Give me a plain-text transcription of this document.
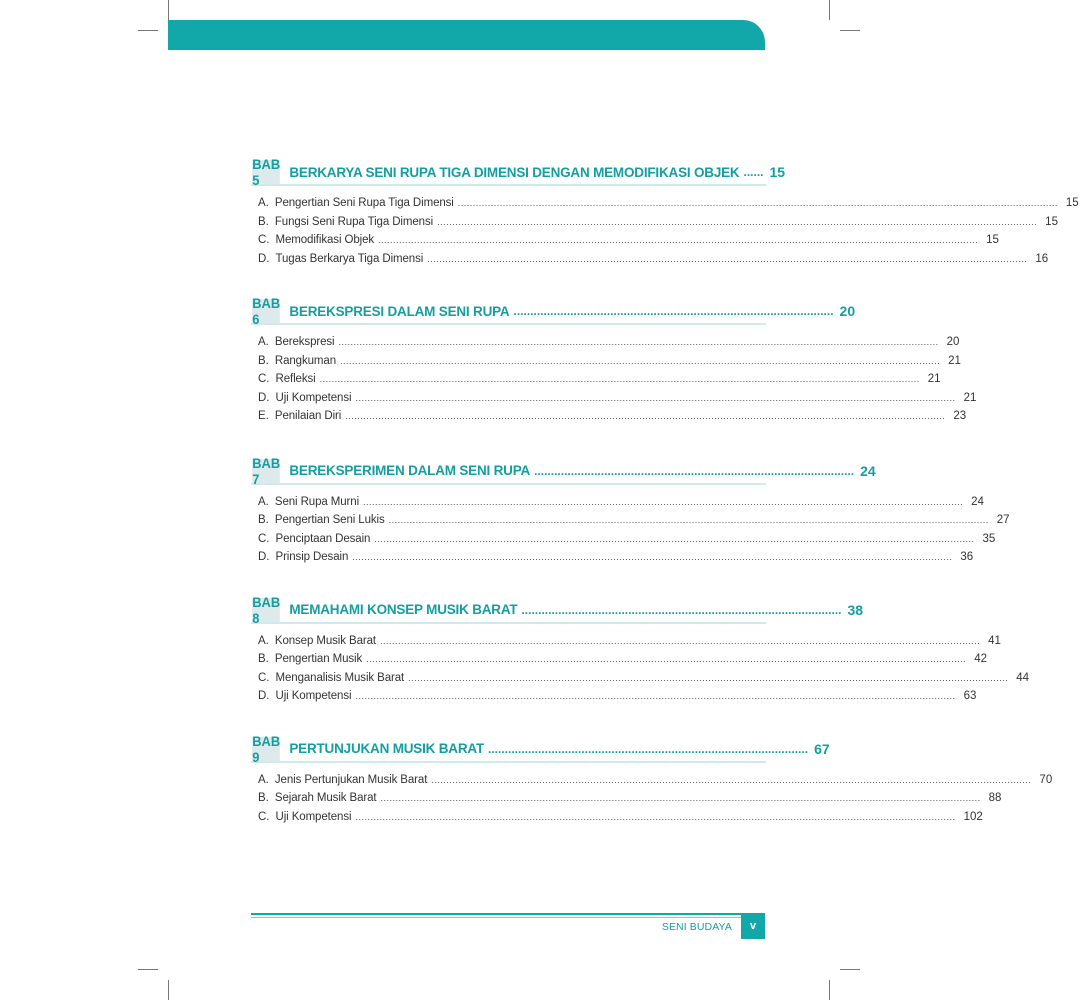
BAB 5	BERKARYA SENI RUPA TIGA DIMENSI DENGAN MEMODIFIKASI OBJEK ...... 15
A. Pengertian Seni Rupa Tiga Dimensi ........................................................................................................................................................................................................ 15
B. Fungsi Seni Rupa Tiga Dimensi ........................................................................................................................................................................................................ 15
C. Memodifikasi Objek ........................................................................................................................................................................................................ 15
D. Tugas Berkarya Tiga Dimensi ........................................................................................................................................................................................................ 16
BAB 6	BEREKSPRESI DALAM SENI RUPA ................................................................................................ 20
A. Berekspresi ........................................................................................................................................................................................................ 20
B. Rangkuman ........................................................................................................................................................................................................ 21
C. Refleksi ........................................................................................................................................................................................................ 21
D. Uji Kompetensi ........................................................................................................................................................................................................ 21
E. Penilaian Diri ........................................................................................................................................................................................................ 23
BAB 7	BEREKSPERIMEN DALAM SENI RUPA ................................................................................................ 24
A. Seni Rupa Murni ........................................................................................................................................................................................................ 24
B. Pengertian Seni Lukis ........................................................................................................................................................................................................ 27
C. Penciptaan Desain ........................................................................................................................................................................................................ 35
D. Prinsip Desain ........................................................................................................................................................................................................ 36
BAB 8	MEMAHAMI KONSEP MUSIK BARAT ................................................................................................ 38
A. Konsep Musik Barat ........................................................................................................................................................................................................ 41
B. Pengertian Musik ........................................................................................................................................................................................................ 42
C. Menganalisis Musik Barat ........................................................................................................................................................................................................ 44
D. Uji Kompetensi ........................................................................................................................................................................................................ 63
BAB 9	PERTUNJUKAN MUSIK BARAT ................................................................................................ 67
A. Jenis Pertunjukan Musik Barat ........................................................................................................................................................................................................ 70
B. Sejarah Musik Barat ........................................................................................................................................................................................................ 88
C. Uji Kompetensi ........................................................................................................................................................................................................ 102
SENI BUDAYA	v
